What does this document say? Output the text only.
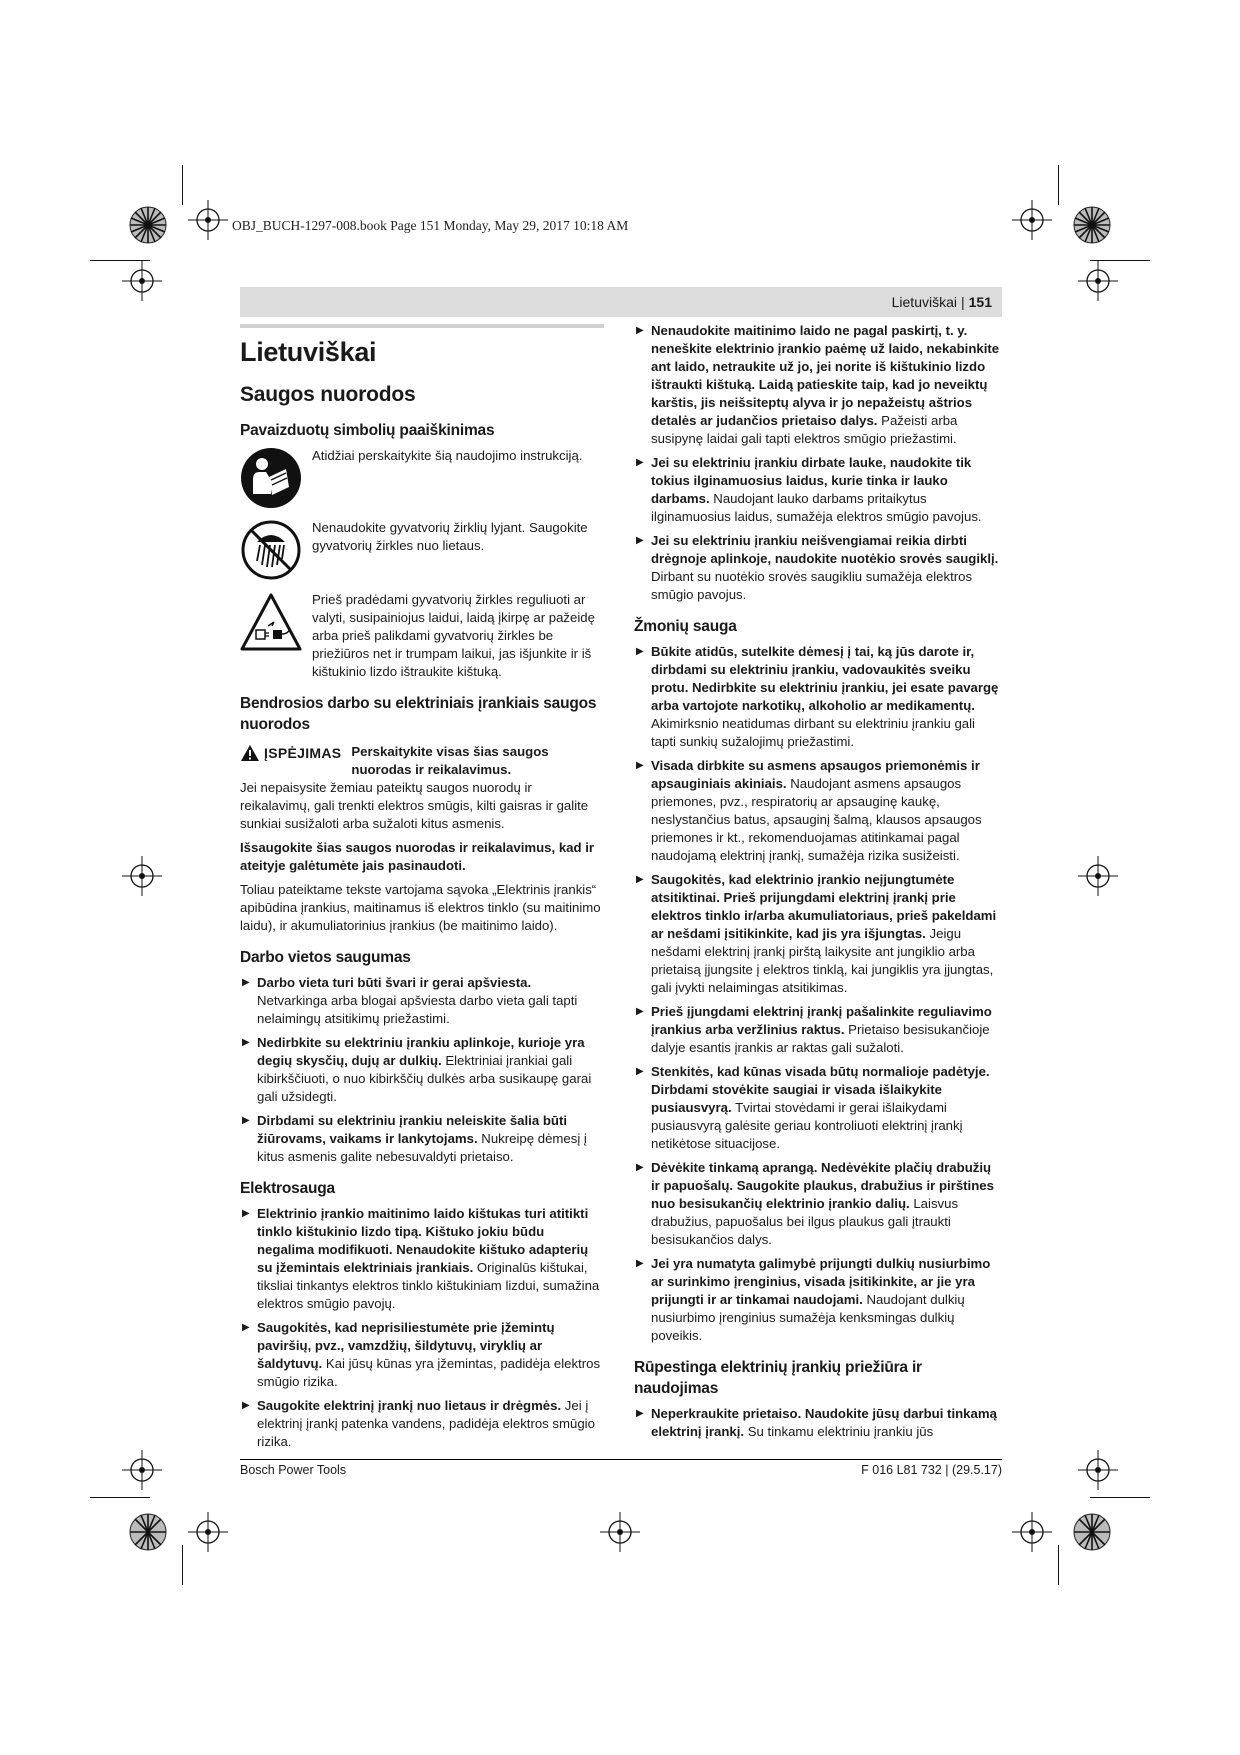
OBJ_BUCH-1297-008.book Page 151 Monday, May 29, 2017 10:18 AM
Lietuviškai | 151
Lietuviškai
Saugos nuorodos
Pavaizduotų simbolių paaiškinimas
Atidžiai perskaitykite šią naudojimo instrukciją.
Nenaudokite gyvatvorių žirklių lyjant. Saugokite gyvatvorių žirkles nuo lietaus.
Prieš pradėdami gyvatvorių žirkles reguliuoti ar valyti, susipainiojus laidui, laidą įkirpę ar pažeidę arba prieš palikdami gyvatvorių žirkles be priežiūros net ir trumpam laikui, jas išjunkite ir iš kištukinio lizdo ištraukite kištuką.
Bendrosios darbo su elektriniais įrankiais saugos nuorodos
ĮSPĖJIMAS Perskaitykite visas šias saugos nuorodas ir reikalavimus.

Jei nepaisysite žemiau pateiktų saugos nuorodų ir reikalavimų, gali trenkti elektros smūgis, kilti gaisras ir galite sunkiai susižaloti arba sužaloti kitus asmenis.

Išsaugokite šias saugos nuorodas ir reikalavimus, kad ir ateityje galėtumėte jais pasinaudoti.

Toliau pateiktame tekste vartojama sąvoka „Elektrinis įrankis“ apibūdina įrankius, maitinamus iš elektros tinklo (su maitinimo laidu), ir akumuliatorinius įrankius (be maitinimo laido).

Darbo vietos saugumas
▶ Darbo vieta turi būti švari ir gerai apšviesta. Netvarkinga arba blogai apšviesta darbo vieta gali tapti nelaimingų atsitikimų priežastimi.
▶ Nedirbkite su elektriniu įrankiu aplinkoje, kurioje yra degių skysčių, dujų ar dulkių. Elektriniai įrankiai gali kibirkščiuoti, o nuo kibirkščių dulkės arba susikaupę garai gali užsidegti.
▶ Dirbdami su elektriniu įrankiu neleiskite šalia būti žiūrovams, vaikams ir lankytojams. Nukreipę dėmesį į kitus asmenis galite nebesuvaldyti prietaiso.
Elektrosauga
▶ Elektrinio įrankio maitinimo laido kištukas turi atitikti tinklo kištukinio lizdo tipą. Kištuko jokiu būdu negalima modifikuoti. Nenaudokite kištuko adapterių su įžemintais elektriniais įrankiais. Originalūs kištukai, tiksliai tinkantys elektros tinklo kištukiniam lizdui, sumažina elektros smūgio pavojų.
▶ Saugokitės, kad neprisiliestumėte prie įžemintų paviršių, pvz., vamzdžių, šildytuvų, viryklių ar šaldytuvų. Kai jūsų kūnas yra įžemintas, padidėja elektros smūgio rizika.
▶ Saugokite elektrinį įrankį nuo lietaus ir drėgmės. Jei į elektrinį įrankį patenka vandens, padidėja elektros smūgio rizika.
▶ Nenaudokite maitinimo laido ne pagal paskirtį, t. y. neneškite elektrinio įrankio paėmę už laido, nekabinkite ant laido, netraukite už jo, jei norite iš kištukinio lizdo ištraukti kištuką. Laidą patieskite taip, kad jo neveiktų karštis, jis neišsiteptų alyva ir jo nepažeistų aštrios detalės ar judančios prietaiso dalys. Pažeisti arba susipynę laidai gali tapti elektros smūgio priežastimi.
▶ Jei su elektriniu įrankiu dirbate lauke, naudokite tik tokius ilginamuosius laidus, kurie tinka ir lauko darbams. Naudojant lauko darbams pritaikytus ilginamuosius laidus, sumažėja elektros smūgio pavojus.
▶ Jei su elektriniu įrankiu neišvengiamai reikia dirbti drėgnoje aplinkoje, naudokite nuotėkio srovės saugiklį. Dirbant su nuotėkio srovės saugikliu sumažėja elektros smūgio pavojus.
Žmonių sauga
▶ Būkite atidūs, sutelkite dėmesį į tai, ką jūs darote ir, dirbdami su elektriniu įrankiu, vadovaukitės sveiku protu. Nedirbkite su elektriniu įrankiu, jei esate pavargę arba vartojote narkotikų, alkoholio ar medikamentų. Akimirksnio neatidumas dirbant su elektriniu įrankiu gali tapti sunkių sužalojimų priežastimi.
▶ Visada dirbkite su asmens apsaugos priemonėmis ir apsauginiais akiniais. Naudojant asmens apsaugos priemones, pvz., respiratorių ar apsauginę kaukę, neslystančius batus, apsauginį šalmą, klausos apsaugos priemones ir kt., rekomenduojamas atitinkamai pagal naudojamą elektrinį įrankį, sumažėja rizika susižeisti.
▶ Saugokitės, kad elektrinio įrankio neįjungtumėte atsitiktinai. Prieš prijungdami elektrinį įrankį prie elektros tinklo ir/arba akumuliatoriaus, prieš pakeldami ar nešdami įsitikinkite, kad jis yra išjungtas. Jeigu nešdami elektrinį įrankį pirštą laikysite ant jungiklio arba prietaisą įjungsite į elektros tinklą, kai jungiklis yra įjungtas, gali įvykti nelaimingas atsitikimas.
▶ Prieš įjungdami elektrinį įrankį pašalinkite reguliavimo įrankius arba veržlinius raktus. Prietaiso besisukančioje dalyje esantis įrankis ar raktas gali sužaloti.
▶ Stenkitės, kad kūnas visada būtų normalioje padėtyje. Dirbdami stovėkite saugiai ir visada išlaikykite pusiausvyrą. Tvirtai stovėdami ir gerai išlaikydami pusiausvyrą galėsite geriau kontroliuoti elektrinį įrankį netikėtose situacijose.
▶ Dėvėkite tinkamą aprangą. Nedėvėkite plačių drabužių ir papuošalų. Saugokite plaukus, drabužius ir pirštines nuo besisukančių elektrinio įrankio dalių. Laisvus drabužius, papuošalus bei ilgus plaukus gali įtraukti besisukančios dalys.
▶ Jei yra numatyta galimybė prijungti dulkių nusiurbimo ar surinkimo įrenginius, visada įsitikinkite, ar jie yra prijungti ir ar tinkamai naudojami. Naudojant dulkių nusiurbimo įrenginius sumažėja kenksmingas dulkių poveikis.
Rūpestinga elektrinių įrankių priežiūra ir naudojimas
▶ Neperkraukite prietaiso. Naudokite jūsų darbui tinkamą elektrinį įrankį. Su tinkamu elektriniu įrankiu jūs
Bosch Power Tools	F 016 L81 732 | (29.5.17)
